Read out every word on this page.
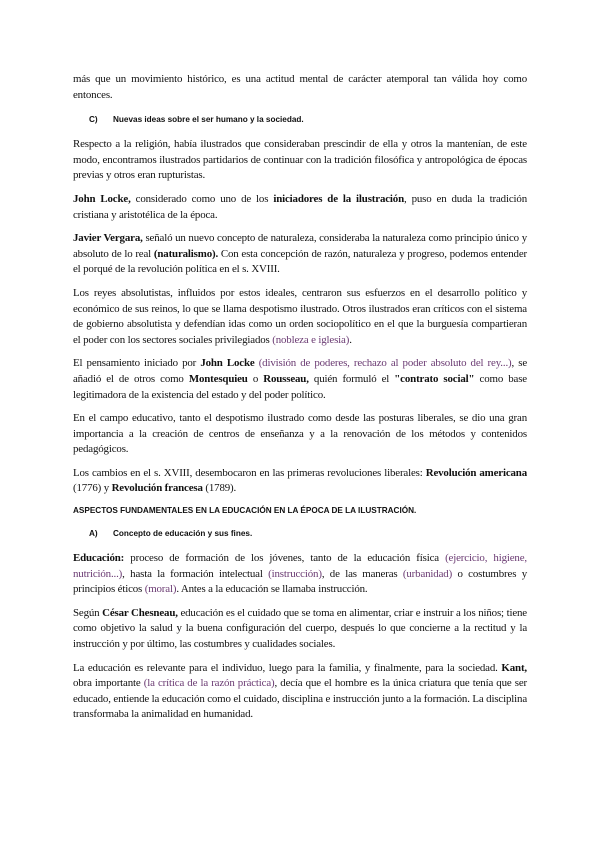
más que un movimiento histórico, es una actitud mental de carácter atemporal tan válida hoy como entonces.

C) Nuevas ideas sobre el ser humano y la sociedad.

Respecto a la religión, había ilustrados que consideraban prescindir de ella y otros la mantenían, de este modo, encontramos ilustrados partidarios de continuar con la tradición filosófica y antropológica de épocas previas y otros eran rupturistas.

John Locke, considerado como uno de los iniciadores de la ilustración, puso en duda la tradición cristiana y aristotélica de la época.

Javier Vergara, señaló un nuevo concepto de naturaleza, consideraba la naturaleza como principio único y absoluto de lo real (naturalismo). Con esta concepción de razón, naturaleza y progreso, podemos entender el porqué de la revolución política en el s. XVIII.

Los reyes absolutistas, influidos por estos ideales, centraron sus esfuerzos en el desarrollo político y económico de sus reinos, lo que se llama despotismo ilustrado. Otros ilustrados eran críticos con el sistema de gobierno absolutista y defendían idas como un orden sociopolítico en el que la burguesía compartieran el poder con los sectores sociales privilegiados (nobleza e iglesia).

El pensamiento iniciado por John Locke (división de poderes, rechazo al poder absoluto del rey...), se añadió el de otros como Montesquieu o Rousseau, quién formuló el "contrato social" como base legitimadora de la existencia del estado y del poder político.

En el campo educativo, tanto el despotismo ilustrado como desde las posturas liberales, se dio una gran importancia a la creación de centros de enseñanza y a la renovación de los métodos y contenidos pedagógicos.

Los cambios en el s. XVIII, desembocaron en las primeras revoluciones liberales: Revolución americana (1776) y Revolución francesa (1789).

ASPECTOS FUNDAMENTALES EN LA EDUCACIÓN EN LA ÉPOCA DE LA ILUSTRACIÓN.
A) Concepto de educación y sus fines.

Educación: proceso de formación de los jóvenes, tanto de la educación física (ejercicio, higiene, nutrición...), hasta la formación intelectual (instrucción), de las maneras (urbanidad) o costumbres y principios éticos (moral). Antes a la educación se llamaba instrucción.

Según César Chesneau, educación es el cuidado que se toma en alimentar, criar e instruir a los niños; tiene como objetivo la salud y la buena configuración del cuerpo, después lo que concierne a la rectitud y la instrucción y por último, las costumbres y cualidades sociales.

La educación es relevante para el individuo, luego para la familia, y finalmente, para la sociedad. Kant, obra importante (la crítica de la razón práctica), decía que el hombre es la única criatura que tenía que ser educado, entiende la educación como el cuidado, disciplina e instrucción junto a la formación. La disciplina transformaba la animalidad en humanidad.
